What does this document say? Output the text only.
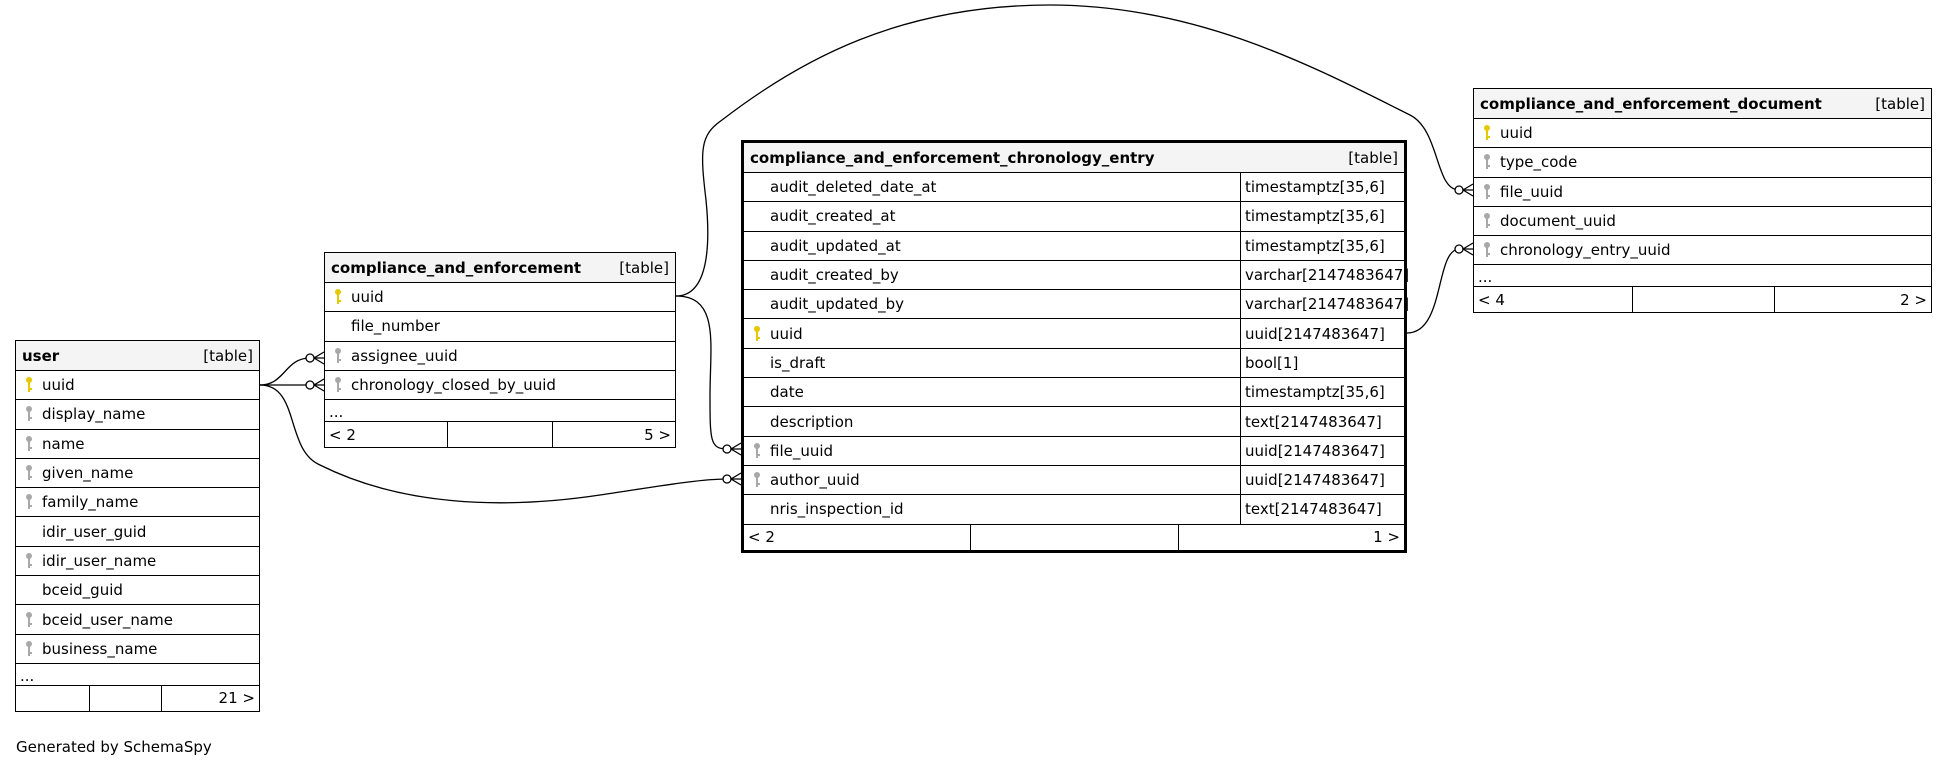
user	[table]
uuid
display_name
name
given_name
family_name
idir_user_guid
idir_user_name
bceid_guid
bceid_user_name
business_name
...
21 >
compliance_and_enforcement	[table]
uuid
file_number
assignee_uuid
chronology_closed_by_uuid
...
< 2	5 >
compliance_and_enforcement_chronology_entry	[table]
audit_deleted_date_at	timestamptz[35,6]
audit_created_at	timestamptz[35,6]
audit_updated_at	timestamptz[35,6]
audit_created_by	varchar[2147483647]
audit_updated_by	varchar[2147483647]
uuid	uuid[2147483647]
is_draft	bool[1]
date	timestamptz[35,6]
description	text[2147483647]
file_uuid	uuid[2147483647]
author_uuid	uuid[2147483647]
nris_inspection_id	text[2147483647]
< 2	1 >
compliance_and_enforcement_document	[table]
uuid
type_code
file_uuid
document_uuid
chronology_entry_uuid
...
< 4	2 >
Generated by SchemaSpy
